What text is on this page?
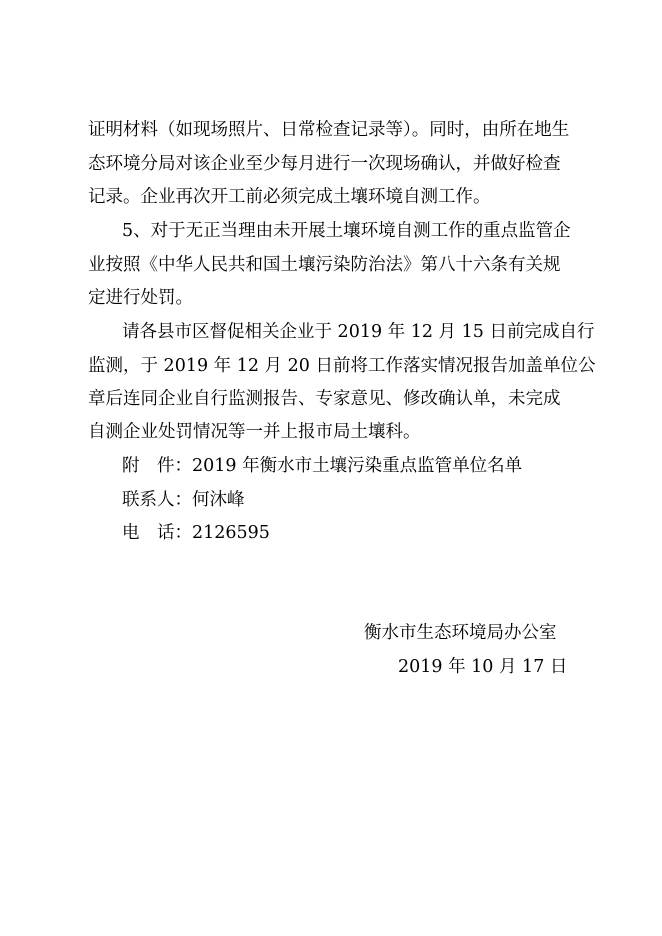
证明材料（如现场照片、日常检查记录等）。同时，由所在地生
态环境分局对该企业至少每月进行一次现场确认，并做好检查
记录。企业再次开工前必须完成土壤环境自测工作。
5、对于无正当理由未开展土壤环境自测工作的重点监管企
业按照《中华人民共和国土壤污染防治法》第八十六条有关规
定进行处罚。
请各县市区督促相关企业于 2019 年 12 月 15 日前完成自行
监测，于 2019 年 12 月 20 日前将工作落实情况报告加盖单位公
章后连同企业自行监测报告、专家意见、修改确认单，未完成
自测企业处罚情况等一并上报市局土壤科。
附　件：2019 年衡水市土壤污染重点监管单位名单
联系人：何沐峰
电　话：2126595
衡水市生态环境局办公室
2019 年 10 月 17 日
